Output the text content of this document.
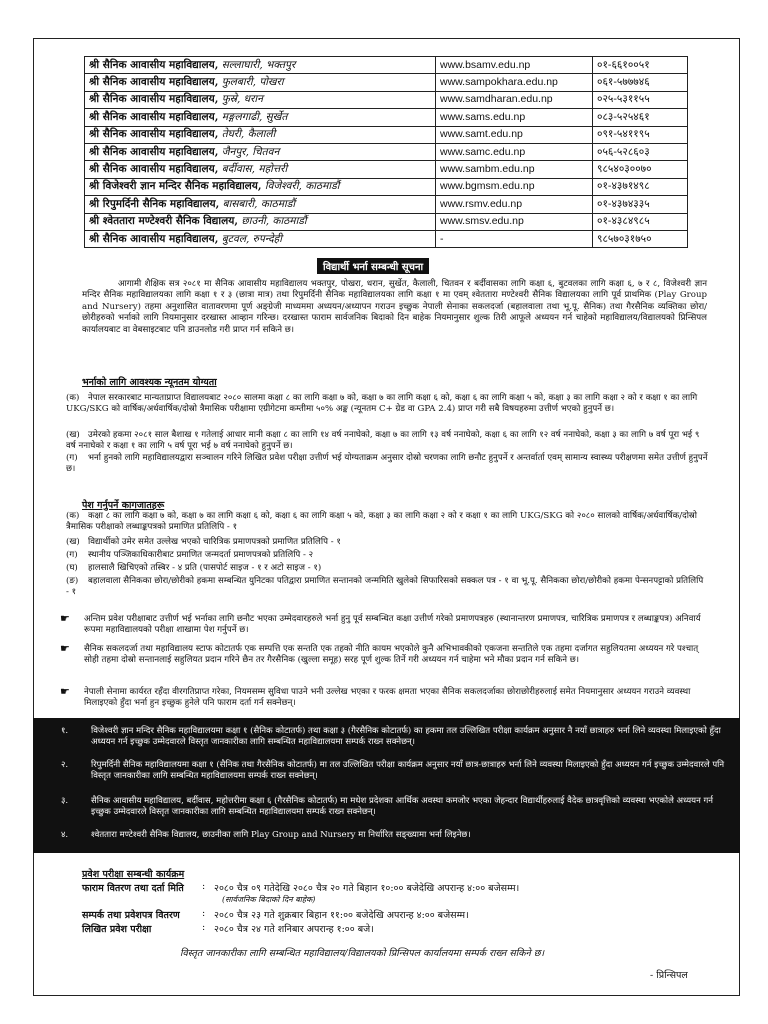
श्री सैनिक आवासीय महाविद्यालय, सल्लाघारी, भक्तपुर	www.bsamv.edu.np	०१-६६१००५१
श्री सैनिक आवासीय महाविद्यालय, फुलबारी, पोखरा	www.sampokhara.edu.np	०६१-५७७७४६
श्री सैनिक आवासीय महाविद्यालय, फुस्रे, धरान	www.samdharan.edu.np	०२५-५३११५५
श्री सैनिक आवासीय महाविद्यालय, मङ्गलगाढी, सुर्खेत	www.sams.edu.np	०८३-५२५४६१
श्री सैनिक आवासीय महाविद्यालय, तेघरी, कैलाली	www.samt.edu.np	०९१-५४११९५
श्री सैनिक आवासीय महाविद्यालय, जैनपुर, चितवन	www.samc.edu.np	०५६-५२८६०३
श्री सैनिक आवासीय महाविद्यालय, बर्दीवास, महोत्तरी	www.sambm.edu.np	९८५४०३००७०
श्री विजेश्वरी ज्ञान मन्दिर सैनिक महाविद्यालय, विजेश्वरी, काठमाडौं	www.bgmsm.edu.np	०१-४३७१४९८
श्री रिपुमर्दिनी सैनिक महाविद्यालय, बासबारी, काठमाडौं	www.rsmv.edu.np	०१-४३७४३३५
श्री श्वेततारा मण्टेश्वरी सैनिक विद्यालय, छाउनी, काठमाडौं	www.smsv.edu.np	०१-४३८४९८५
श्री सैनिक आवासीय महाविद्यालय, बुटवल, रुपन्देही	-	९८५७०३१७५०
विद्यार्थी भर्ना सम्बन्धी सूचना
आगामी शैक्षिक सत्र २०८१ मा सैनिक आवासीय महाविद्यालय भक्तपुर, पोखरा, धरान, सुर्खेत, कैलाली, चितवन र बर्दीवासका लागि कक्षा ६, बुटवलका लागि कक्षा ६, ७ र ८, विजेश्वरी ज्ञान मन्दिर सैनिक महाविद्यालयका लागि कक्षा १ र ३ (छात्रा मात्र) तथा रिपुमर्दिनी सैनिक महाविद्यालयका लागि कक्षा १ मा एवम् श्वेततारा मण्टेश्वरी सैनिक विद्यालयका लागि पूर्व प्राथमिक (Play Group and Nursery) तहमा अनुशासित वातावरणमा पूर्ण अङ्ग्रेजी माध्यममा अध्ययन/अध्यापन गराउन इच्छुक नेपाली सेनाका सकलदर्जा (बहालवाला तथा भू.पू. सैनिक) तथा गैरसैनिक व्यक्तिका छोरा/छोरीहरुको भर्नाको लागि नियमानुसार दरखास्त आव्हान गरिन्छ। दरखास्त फाराम सार्वजनिक बिदाको दिन बाहेक नियमानुसार शुल्क तिरी आफूले अध्ययन गर्न चाहेको महाविद्यालय/विद्यालयको प्रिन्सिपल कार्यालयबाट वा वेबसाइटबाट पनि डाउनलोड गरी प्राप्त गर्न सकिने छ।
भर्नाको लागि आवश्यक न्यूनतम योग्यता
(क) नेपाल सरकारबाट मान्यताप्राप्त विद्यालयबाट २०८० सालमा कक्षा ८ का लागि कक्षा ७ को, कक्षा ७ का लागि कक्षा ६ को, कक्षा ६ का लागि कक्षा ५ को, कक्षा ३ का लागि कक्षा २ को र कक्षा १ का लागि UKG/SKG को वार्षिक/अर्धवार्षिक/दोस्रो त्रैमासिक परीक्षामा एग्रीगेटमा कम्तीमा ५०% अङ्क (न्यूनतम C+ ग्रेड वा GPA 2.4) प्राप्त गरी सबै विषयहरुमा उत्तीर्ण भएको हुनुपर्ने छ।
(ख) उमेरको हकमा २०८१ साल बैशाख १ गतेलाई आधार मानी कक्षा ८ का लागि १४ वर्ष ननाघेको, कक्षा ७ का लागि १३ वर्ष ननाघेको, कक्षा ६ का लागि १२ वर्ष ननाघेको, कक्षा ३ का लागि ७ वर्ष पूरा भई ९ वर्ष ननाघेको र कक्षा १ का लागि ५ वर्ष पूरा भई ७ वर्ष ननाघेको हुनुपर्ने छ।
(ग) भर्ना हुनको लागि महाविद्यालयद्वारा सञ्चालन गरिने लिखित प्रवेश परीक्षा उत्तीर्ण भई योग्यताक्रम अनुसार दोस्रो चरणका लागि छनौट हुनुपर्ने र अन्तर्वार्ता एवम् सामान्य स्वास्थ्य परीक्षणमा समेत उत्तीर्ण हुनुपर्ने छ।
पेश गर्नुपर्ने कागजातहरू
(क) कक्षा ८ का लागि कक्षा ७ को, कक्षा ७ का लागि कक्षा ६ को, कक्षा ६ का लागि कक्षा ५ को, कक्षा ३ का लागि कक्षा २ को र कक्षा १ का लागि UKG/SKG को २०८० सालको वार्षिक/अर्धवार्षिक/दोस्रो त्रैमासिक परीक्षाको लब्धाङ्कपत्रको प्रमाणित प्रतिलिपि - १
(ख) विद्यार्थीको उमेर समेत उल्लेख भएको चारित्रिक प्रमाणपत्रको प्रमाणित प्रतिलिपि - १
(ग) स्थानीय पञ्जिकाधिकारीबाट प्रमाणित जन्मदर्ता प्रमाणपत्रको प्रतिलिपि - २
(घ) हालसालै खिचिएको तस्बिर - ४ प्रति (पासपोर्ट साइज - १ र अटो साइज - १)
(ङ) बहालवाला सैनिकका छोरा/छोरीको हकमा सम्बन्धित युनिटका पतिद्वारा प्रमाणित सन्तानको जन्ममिति खुलेको सिफारिसको सक्कल पत्र - १ वा भू.पू. सैनिकका छोरा/छोरीको हकमा पेन्सनपट्टाको प्रतिलिपि - १
☛ अन्तिम प्रवेश परीक्षाबाट उत्तीर्ण भई भर्नाका लागि छनौट भएका उम्मेदवारहरुले भर्ना हुनु पूर्व सम्बन्धित कक्षा उत्तीर्ण गरेको प्रमाणपत्रहरु (स्थानान्तरण प्रमाणपत्र, चारित्रिक प्रमाणपत्र र लब्धाङ्कपत्र) अनिवार्य रूपमा महाविद्यालयको परीक्षा शाखामा पेश गर्नुपर्ने छ।
☛ सैनिक सकलदर्जा तथा महाविद्यालय स्टाफ कोटातर्फ एक सम्पत्ति एक सन्तति एक तहको नीति कायम भएकोले कुनै अभिभावकीको एकजना सन्ततिले एक तहमा दर्जागत सहुलियतमा अध्ययन गरे पश्चात् सोही तहमा दोस्रो सन्तानलाई सहुलियत प्रदान गरिने छैन तर गैरसैनिक (खुल्ला समूह) सरह पूर्ण शुल्क तिर्ने गरी अध्ययन गर्न चाहेमा भने मौका प्रदान गर्न सकिने छ।
☛ नेपाली सेनामा कार्यरत रहँदा वीरगतिप्राप्त गरेका, नियमसम्म सुविधा पाउने भनी उल्लेख भएका र फरक क्षमता भएका सैनिक सकलदर्जाका छोराछोरीहरुलाई समेत नियमानुसार अध्ययन गराउने व्यवस्था मिलाइएको हुँदा भर्ना हुन इच्छुक हुनेले पनि फाराम दर्ता गर्न सक्नेछन्।
१.	विजेश्वरी ज्ञान मन्दिर सैनिक महाविद्यालयमा कक्षा १ (सैनिक कोटातर्फ) तथा कक्षा ३ (गैरसैनिक कोटातर्फ) का हकमा तल उल्लिखित परीक्षा कार्यक्रम अनुसार नै नयाँ छात्राहरु भर्ना लिने व्यवस्था मिलाइएको हुँदा अध्ययन गर्न इच्छुक उम्मेदवारले विस्तृत जानकारीका लागि सम्बन्धित महाविद्यालयमा सम्पर्क राख्न सक्नेछन्।
२.	रिपुमर्दिनी सैनिक महाविद्यालयमा कक्षा १ (सैनिक तथा गैरसैनिक कोटातर्फ) मा तल उल्लिखित परीक्षा कार्यक्रम अनुसार नयाँ छात्र-छात्राहरु भर्ना लिने व्यवस्था मिलाइएको हुँदा अध्ययन गर्न इच्छुक उम्मेदवारले पनि विस्तृत जानकारीका लागि सम्बन्धित महाविद्यालयमा सम्पर्क राख्न सक्नेछन्।
३.	सैनिक आवासीय महाविद्यालय, बर्दीवास, महोत्तरीमा कक्षा ६ (गैरसैनिक कोटातर्फ) मा मधेश प्रदेशका आर्थिक अवस्था कमजोर भएका जेहन्दार विद्यार्थीहरुलाई वैदेक छात्रवृत्तिको व्यवस्था भएकोले अध्ययन गर्न इच्छुक उम्मेदवारले विस्तृत जानकारीका लागि सम्बन्धित महाविद्यालयमा सम्पर्क राख्न सक्नेछन्।
४.	श्वेततारा मण्टेश्वरी सैनिक विद्यालय, छाउनीका लागि Play Group and Nursery मा निर्धारित सङ्ख्यामा भर्ना लिइनेछ।
प्रवेश परीक्षा सम्बन्धी कार्यक्रम
फाराम वितरण तथा दर्ता मिति : २०८० चैत्र ०९ गतेदेखि २०८० चैत्र २० गते बिहान १०:०० बजेदेखि अपरान्ह ४:०० बजेसम्म।
(सार्वजनिक बिदाको दिन बाहेक)
सम्पर्क तथा प्रवेशपत्र वितरण : २०८० चैत्र २३ गते शुक्रबार बिहान ११:०० बजेदेखि अपरान्ह ४:०० बजेसम्म।
लिखित प्रवेश परीक्षा	: २०८० चैत्र २४ गते शनिबार अपरान्ह १:०० बजे।
विस्तृत जानकारीका लागि सम्बन्धित महाविद्यालय/विद्यालयको प्रिन्सिपल कार्यालयमा सम्पर्क राख्न सकिने छ।
- प्रिन्सिपल
